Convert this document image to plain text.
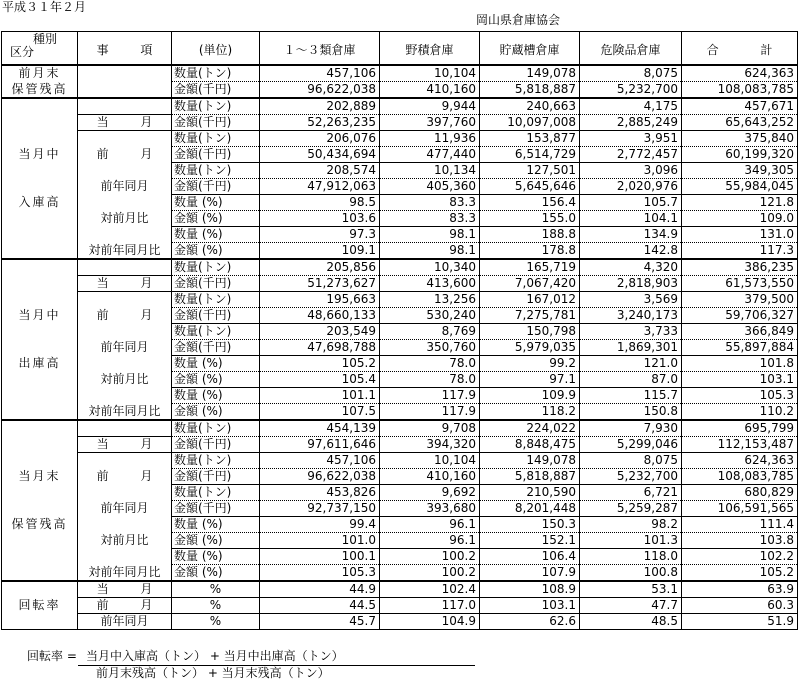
平成３１年２月
岡山県倉庫協会
種別
区分	事 項	(単位)	１～３類倉庫	野積倉庫	貯蔵槽倉庫	危険品倉庫	合 計
前月末		数量(トン)	457,106	10,104	149,078	8,075	624,363
保管残高		金額(千円)	96,622,038	410,160	5,818,887	5,232,700	108,083,785
		数量(トン)	202,889	9,944	240,663	4,175	457,671
	当 月	金額(千円)	52,263,235	397,760	10,097,008	2,885,249	65,643,252
		数量(トン)	206,076	11,936	153,877	3,951	375,840
当月中	前 月	金額(千円)	50,434,694	477,440	6,514,729	2,772,457	60,199,320
		数量(トン)	208,574	10,134	127,501	3,096	349,305
	前年同月	金額(千円)	47,912,063	405,360	5,645,646	2,020,976	55,984,045
入庫高		数量 (%)	98.5	83.3	156.4	105.7	121.8
	対前月比	金額 (%)	103.6	83.3	155.0	104.1	109.0
		数量 (%)	97.3	98.1	188.8	134.9	131.0
	対前年同月比	金額 (%)	109.1	98.1	178.8	142.8	117.3
		数量(トン)	205,856	10,340	165,719	4,320	386,235
	当 月	金額(千円)	51,273,627	413,600	7,067,420	2,818,903	61,573,550
		数量(トン)	195,663	13,256	167,012	3,569	379,500
当月中	前 月	金額(千円)	48,660,133	530,240	7,275,781	3,240,173	59,706,327
		数量(トン)	203,549	8,769	150,798	3,733	366,849
	前年同月	金額(千円)	47,698,788	350,760	5,979,035	1,869,301	55,897,884
出庫高		数量 (%)	105.2	78.0	99.2	121.0	101.8
	対前月比	金額 (%)	105.4	78.0	97.1	87.0	103.1
		数量 (%)	101.1	117.9	109.9	115.7	105.3
	対前年同月比	金額 (%)	107.5	117.9	118.2	150.8	110.2
		数量(トン)	454,139	9,708	224,022	7,930	695,799
	当 月	金額(千円)	97,611,646	394,320	8,848,475	5,299,046	112,153,487
		数量(トン)	457,106	10,104	149,078	8,075	624,363
当月末	前 月	金額(千円)	96,622,038	410,160	5,818,887	5,232,700	108,083,785
		数量(トン)	453,826	9,692	210,590	6,721	680,829
	前年同月	金額(千円)	92,737,150	393,680	8,201,448	5,259,287	106,591,565
保管残高		数量 (%)	99.4	96.1	150.3	98.2	111.4
	対前月比	金額 (%)	101.0	96.1	152.1	101.3	103.8
		数量 (%)	100.1	100.2	106.4	118.0	102.2
	対前年同月比	金額 (%)	105.3	100.2	107.9	100.8	105.2
	当 月	%	44.9	102.4	108.9	53.1	63.9
回転率	前 月	%	44.5	117.0	103.1	47.7	60.3
	前年同月	%	45.7	104.9	62.6	48.5	51.9
回転率 = 当月中入庫高（トン） + 当月中出庫高（トン）
前月末残高（トン） + 当月末残高（トン）
